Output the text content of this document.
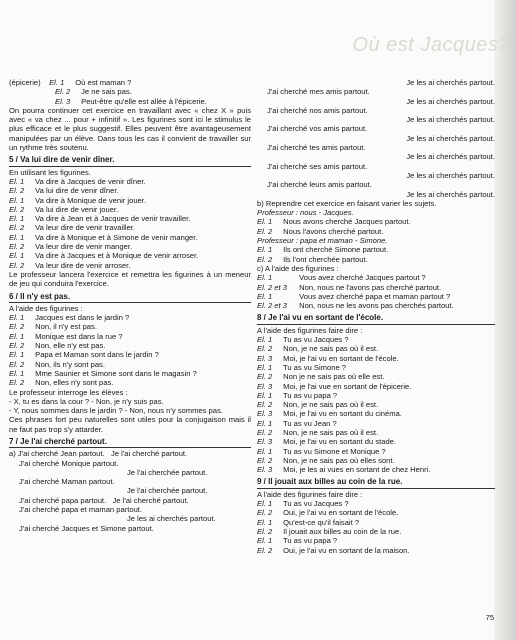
Où est Jacques?
(épicerie) El. 1 Où est maman ?
El. 2 Je ne sais pas.
El. 3 Peut-être qu'elle est allée à l'épicerie.
On pourra continuer cet exercice en travaillant avec « chez X » puis avec « va chez ... pour + infinitif ». Les figurines sont ici le stimulus le plus efficace et le plus suggestif. Elles peuvent être avantageusement manipulées par un élève. Dans tous les cas il convient de travailler sur un rythme très soutenu.
5 / Va lui dire de venir dîner.
En utilisant les figurines.
El. 1 Va dire à Jacques de venir dîner.
El. 2 Va lui dire de venir dîner.
El. 1 Va dire à Monique de venir jouer.
El. 2 Va lui dire de venir jouer.
El. 1 Va dire à Jean et à Jacques de venir travailler.
El. 2 Va leur dire de venir travailler.
El. 1 Va dire à Monique et à Simone de venir manger.
El. 2 Va leur dire de venir manger.
El. 1 Va dire à Jacques et à Monique de venir arroser.
El. 2 Va leur dire de venir arroser.
Le professeur lancera l'exercice et remettra les figurines à un meneur de jeu qui conduira l'exercice.
6 / Il n'y est pas.
A l'aide des figurines :
El. 1 Jacques est dans le jardin ?
El. 2 Non, il n'y est pas.
El. 1 Monique est dans la rue ?
El. 2 Non, elle n'y est pas.
El. 1 Papa et Maman sont dans le jardin ?
El. 2 Non, ils n'y sont pas.
El. 1 Mme Saunier et Simone sont dans le magasin ?
El. 2 Non, elles n'y sont pas.
Le professeur interroge les élèves :
- X, tu es dans la cour ? - Non, je n'y suis pas.
- Y, nous sommes dans le jardin ? - Non, nous n'y sommes pas.
Ces phrases fort peu naturelles sont utiles pour la conjugaison mais il ne faut pas trop s'y attarder.
7 / Je l'ai cherché partout.
a) J'ai cherché Jean partout. Je l'ai cherché partout.
J'ai cherché Monique partout.
Je l'ai cherchée partout.
J'ai cherché Maman partout.
Je l'ai cherchée partout.
J'ai cherché papa partout. Je l'ai cherché partout.
J'ai cherché papa et maman partout.
Je les ai cherchés partout.
J'ai cherché Jacques et Simone partout.
Je les ai cherchés partout.
J'ai cherché mes amis partout.
Je les ai cherchés partout.
J'ai cherché nos amis partout.
Je les ai cherchés partout.
J'ai cherché vos amis partout.
Je les ai cherchés partout.
J'ai cherché tes amis partout.
Je les ai cherchés partout.
J'ai cherché ses amis partout.
Je les ai cherchés partout.
J'ai cherché leurs amis partout.
Je les ai cherchés partout.
b) Reprendre cet exercice en faisant varier les sujets.
Professeur : nous - Jacques.
El. 1 Nous avons cherché Jacques partout.
El. 2 Nous l'avons cherché partout.
Professeur : papa et maman - Simone.
El. 1 Ils ont cherché Simone partout.
El. 2 Ils l'ont cherchée partout.
c) A l'aide des figurines :
El. 1	Vous avez cherché Jacques partout ?
El. 2 et 3 Non, nous ne l'avons pas cherché partout.
El. 1	Vous avez cherché papa et maman partout ?
El. 2 et 3 Non, nous ne les avons pas cherchés partout.
8 / Je l'ai vu en sortant de l'école.
A l'aide des figurines faire dire :
El. 1 Tu as vu Jacques ?
El. 2 Non, je ne sais pas où il est.
El. 3 Moi, je l'ai vu en sortant de l'école.
El. 1 Tu as vu Simone ?
El. 2 Non je ne sais pas où elle est.
El. 3 Moi, je l'ai vue en sortant de l'épicerie.
El. 1 Tu as vu papa ?
El. 2 Non, je ne sais pas où il est.
El. 3 Moi, je l'ai vu en sortant du cinéma.
El. 1 Tu as vu Jean ?
El. 2 Non, je ne sais pas où il est.
El. 3 Moi, je l'ai vu en sortant du stade.
El. 1 Tu as vu Simone et Monique ?
El. 2 Non, je ne sais pas où elles sont.
El. 3 Moi, je les ai vues en sortant de chez Henri.
9 / Il jouait aux billes au coin de la rue.
A l'aide des figurines faire dire :
El. 1 Tu as vu Jacques ?
El. 2 Oui, je l'ai vu en sortant de l'école.
El. 1 Qu'est-ce qu'il faisait ?
El. 2 Il jouait aux billes au coin de la rue.
El. 1 Tu as vu papa ?
El. 2 Oui, je l'ai vu en sortant de la maison.
75
